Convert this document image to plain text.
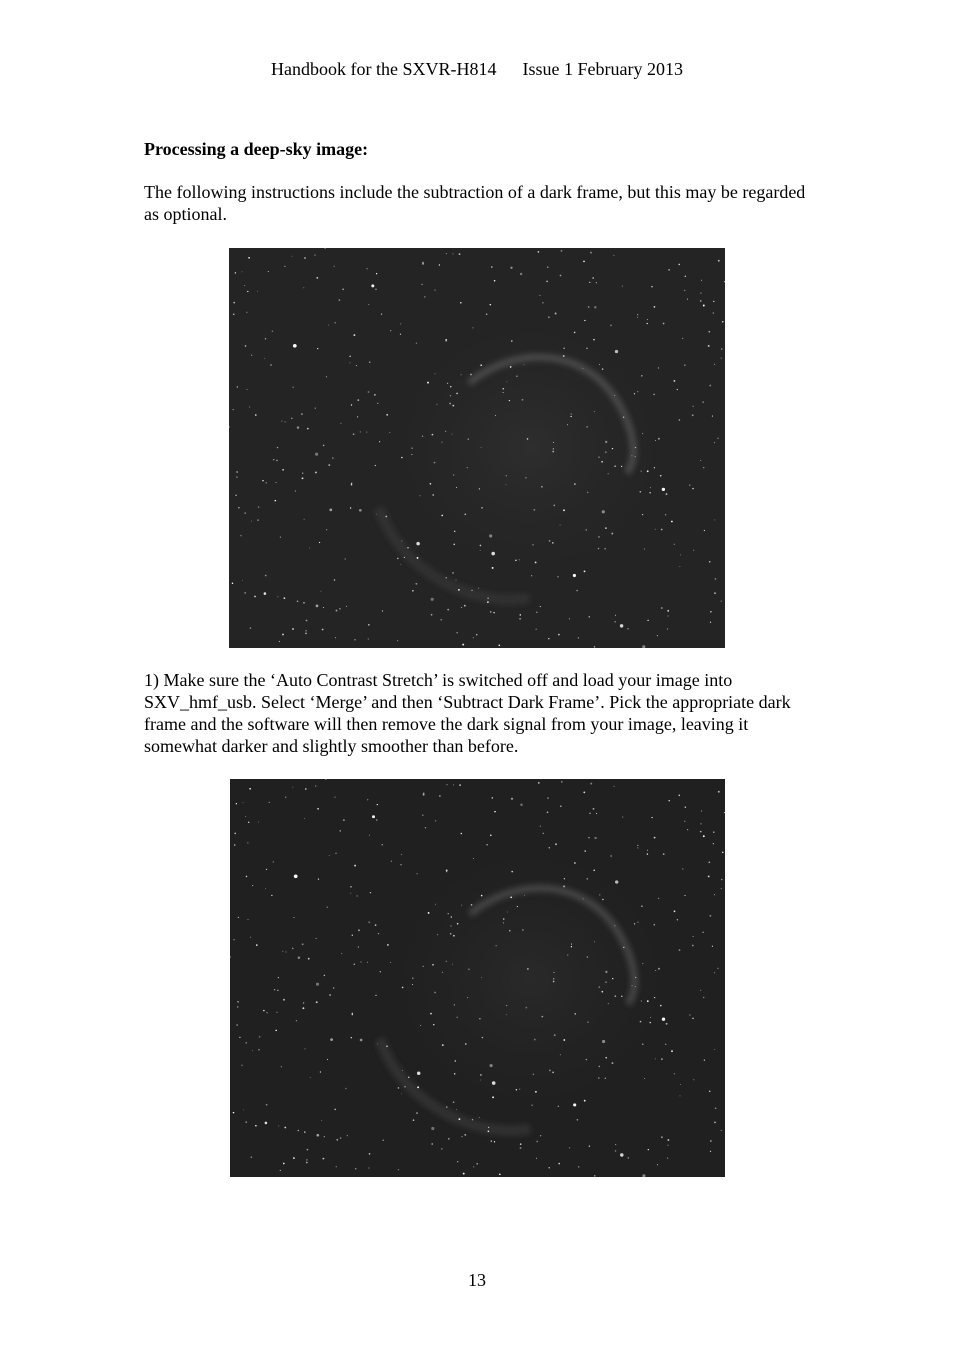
Handbook for the SXVR-H814 Issue 1 February 2013
Processing a deep-sky image:

The following instructions include the subtraction of a dark frame, but this may be regarded as optional.

1) Make sure the ‘Auto Contrast Stretch’ is switched off and load your image into SXV_hmf_usb. Select ‘Merge’ and then ‘Subtract Dark Frame’. Pick the appropriate dark frame and the software will then remove the dark signal from your image, leaving it somewhat darker and slightly smoother than before.

13
